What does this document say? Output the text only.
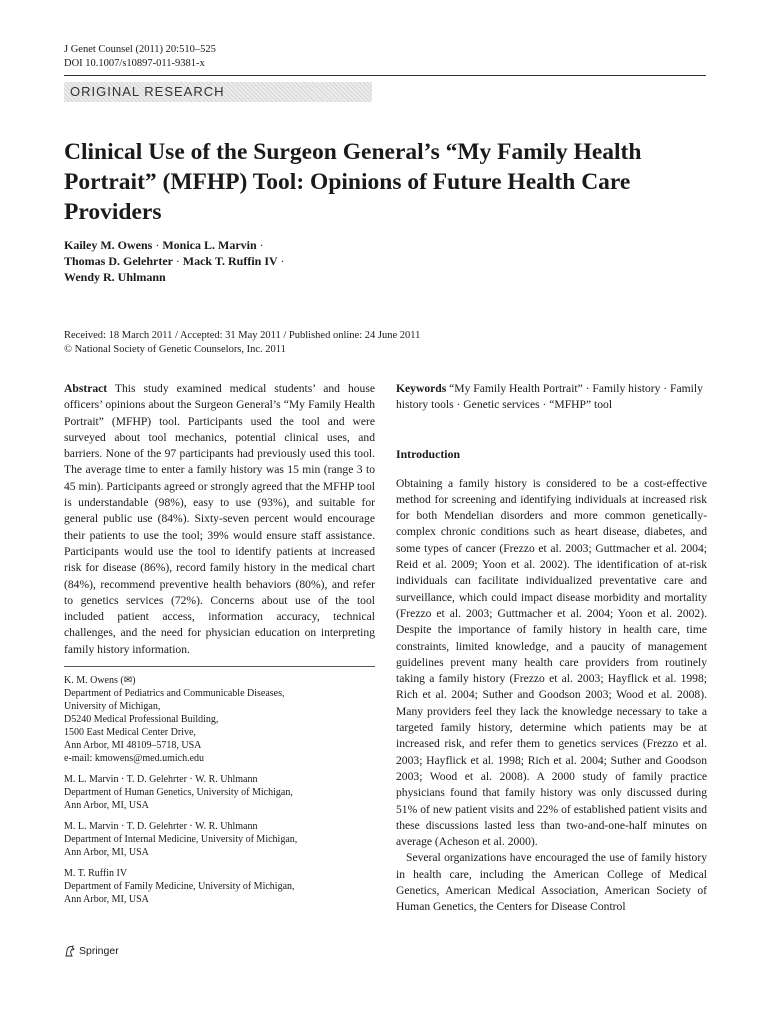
J Genet Counsel (2011) 20:510–525
DOI 10.1007/s10897-011-9381-x
ORIGINAL RESEARCH
Clinical Use of the Surgeon General’s “My Family Health Portrait” (MFHP) Tool: Opinions of Future Health Care Providers
Kailey M. Owens · Monica L. Marvin ·
Thomas D. Gelehrter · Mack T. Ruffin IV ·
Wendy R. Uhlmann
Received: 18 March 2011 / Accepted: 31 May 2011 / Published online: 24 June 2011
© National Society of Genetic Counselors, Inc. 2011
Abstract This study examined medical students’ and house officers’ opinions about the Surgeon General’s “My Family Health Portrait” (MFHP) tool. Participants used the tool and were surveyed about tool mechanics, potential clinical uses, and barriers. None of the 97 participants had previously used this tool. The average time to enter a family history was 15 min (range 3 to 45 min). Participants agreed or strongly agreed that the MFHP tool is understandable (98%), easy to use (93%), and suitable for general public use (84%). Sixty-seven percent would encourage their patients to use the tool; 39% would ensure staff assistance. Participants would use the tool to identify patients at increased risk for disease (86%), record family history in the medical chart (84%), recommend preventive health behaviors (80%), and refer to genetics services (72%). Concerns about use of the tool included patient access, information accuracy, technical challenges, and the need for physician education on interpreting family history information.
K. M. Owens (✉)
Department of Pediatrics and Communicable Diseases,
University of Michigan,
D5240 Medical Professional Building,
1500 East Medical Center Drive,
Ann Arbor, MI 48109–5718, USA
e-mail: kmowens@med.umich.edu
M. L. Marvin · T. D. Gelehrter · W. R. Uhlmann
Department of Human Genetics, University of Michigan,
Ann Arbor, MI, USA
M. L. Marvin · T. D. Gelehrter · W. R. Uhlmann
Department of Internal Medicine, University of Michigan,
Ann Arbor, MI, USA
M. T. Ruffin IV
Department of Family Medicine, University of Michigan,
Ann Arbor, MI, USA
Keywords “My Family Health Portrait” · Family history · Family history tools · Genetic services · “MFHP” tool
Introduction

Obtaining a family history is considered to be a cost-effective method for screening and identifying individuals at increased risk for both Mendelian disorders and more common genetically-complex chronic conditions such as heart disease, diabetes, and some types of cancer (Frezzo et al. 2003; Guttmacher et al. 2004; Reid et al. 2009; Yoon et al. 2002). The identification of at-risk individuals can facilitate individualized preventative care and surveillance, which could impact disease morbidity and mortality (Frezzo et al. 2003; Guttmacher et al. 2004; Yoon et al. 2002). Despite the importance of family history in health care, time constraints, limited knowledge, and a paucity of management guidelines prevent many health care providers from routinely taking a family history (Frezzo et al. 2003; Hayflick et al. 1998; Rich et al. 2004; Suther and Goodson 2003; Wood et al. 2008). Many providers feel they lack the knowledge necessary to take a targeted family history, determine which patients may be at increased risk, and refer them to genetics services (Frezzo et al. 2003; Hayflick et al. 1998; Rich et al. 2004; Suther and Goodson 2003; Wood et al. 2008). A 2000 study of family practice physicians found that family history was only discussed during 51% of new patient visits and 22% of established patient visits and these discussions lasted less than two-and-one-half minutes on average (Acheson et al. 2000).

Several organizations have encouraged the use of family history in health care, including the American College of Medical Genetics, American Medical Association, American Society of Human Genetics, the Centers for Disease Control

Springer
